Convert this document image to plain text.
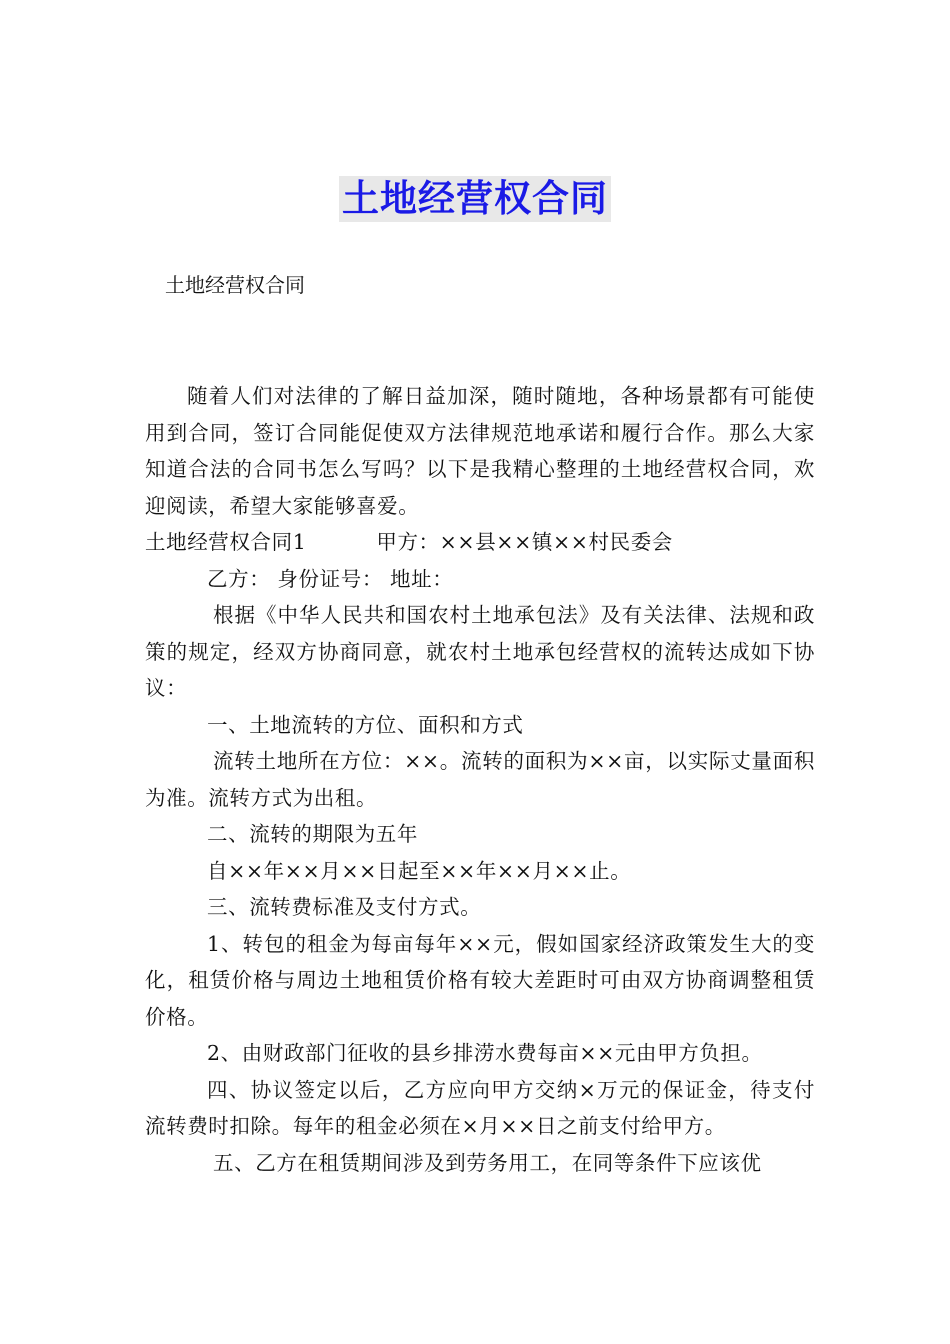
土地经营权合同
土地经营权合同

随着人们对法律的了解日益加深，随时随地，各种场景都有可能使用到合同，签订合同能促使双方法律规范地承诺和履行合作。那么大家知道合法的合同书怎么写吗？以下是我精心整理的土地经营权合同，欢迎阅读，希望大家能够喜爱。

土地经营权合同1	甲方：××县××镇××村民委会

乙方： 身份证号： 地址：

根据《中华人民共和国农村土地承包法》及有关法律、法规和政策的规定，经双方协商同意，就农村土地承包经营权的流转达成如下协议：

一、土地流转的方位、面积和方式

流转土地所在方位：××。流转的面积为××亩，以实际丈量面积为准。流转方式为出租。

二、流转的期限为五年

自××年××月××日起至××年××月××止。

三、流转费标准及支付方式。

1、转包的租金为每亩每年××元，假如国家经济政策发生大的变化，租赁价格与周边土地租赁价格有较大差距时可由双方协商调整租赁价格。

2、由财政部门征收的县乡排涝水费每亩××元由甲方负担。

四、协议签定以后，乙方应向甲方交纳×万元的保证金，待支付流转费时扣除。每年的租金必须在×月××日之前支付给甲方。

五、乙方在租赁期间涉及到劳务用工，在同等条件下应该优
